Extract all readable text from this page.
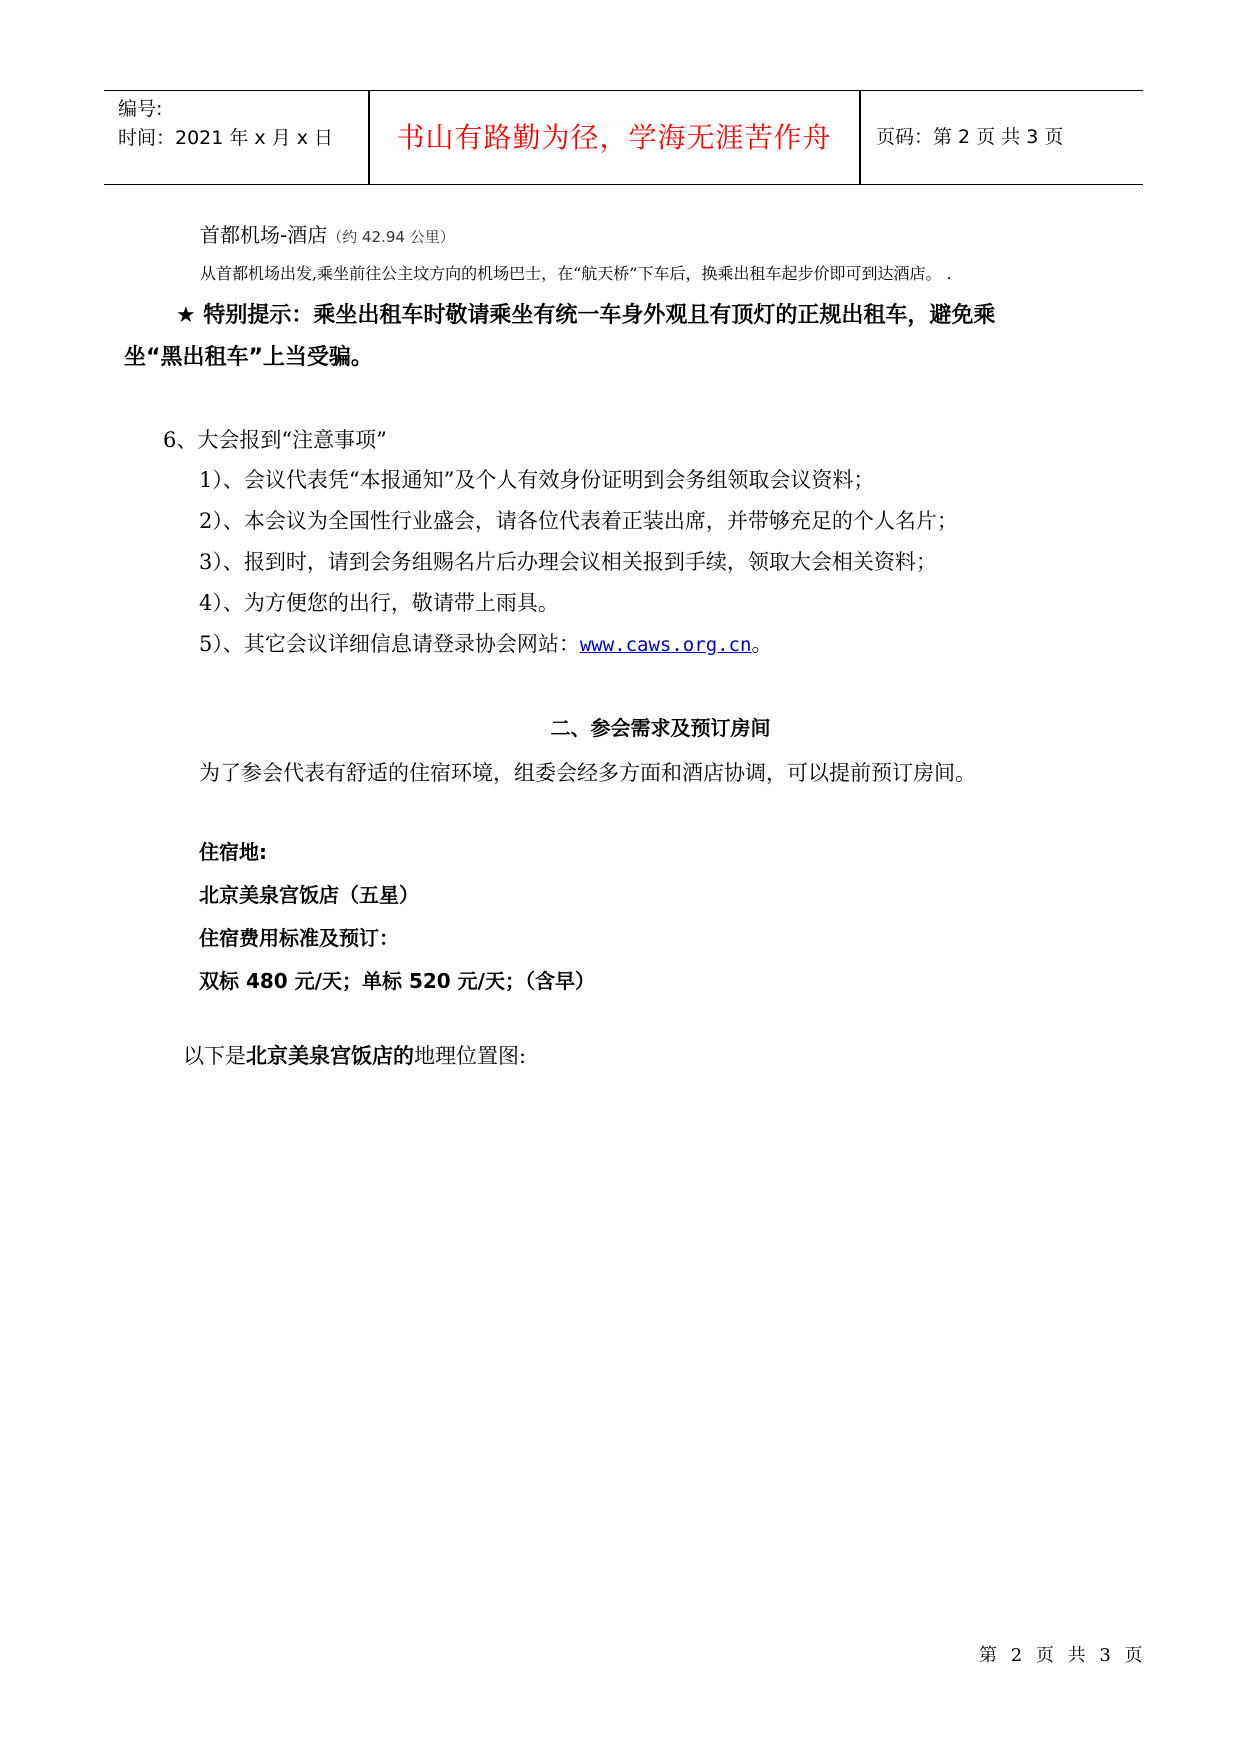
编号:
时间：2021 年 x 月 x 日 书山有路勤为径，学海无涯苦作舟 页码：第 2 页 共 3 页
首都机场-酒店（约 42.94 公里）
从首都机场出发,乘坐前往公主坟方向的机场巴士，在“航天桥”下车后，换乘出租车起步价即可到达酒店。 .
★ 特别提示：乘坐出租车时敬请乘坐有统一车身外观且有顶灯的正规出租车，避免乘
坐“黑出租车”上当受骗。
6、大会报到“注意事项”
1）、会议代表凭“本报通知”及个人有效身份证明到会务组领取会议资料；
2）、本会议为全国性行业盛会，请各位代表着正装出席，并带够充足的个人名片；
3）、报到时，请到会务组赐名片后办理会议相关报到手续，领取大会相关资料；
4）、为方便您的出行，敬请带上雨具。
5）、其它会议详细信息请登录协会网站：www.caws.org.cn。
二、参会需求及预订房间
为了参会代表有舒适的住宿环境，组委会经多方面和酒店协调，可以提前预订房间。
住宿地:
北京美泉宫饭店（五星）
住宿费用标准及预订：
双标 480 元/天；单标 520 元/天；（含早）
以下是北京美泉宫饭店的地理位置图:
第 2 页 共 3 页
